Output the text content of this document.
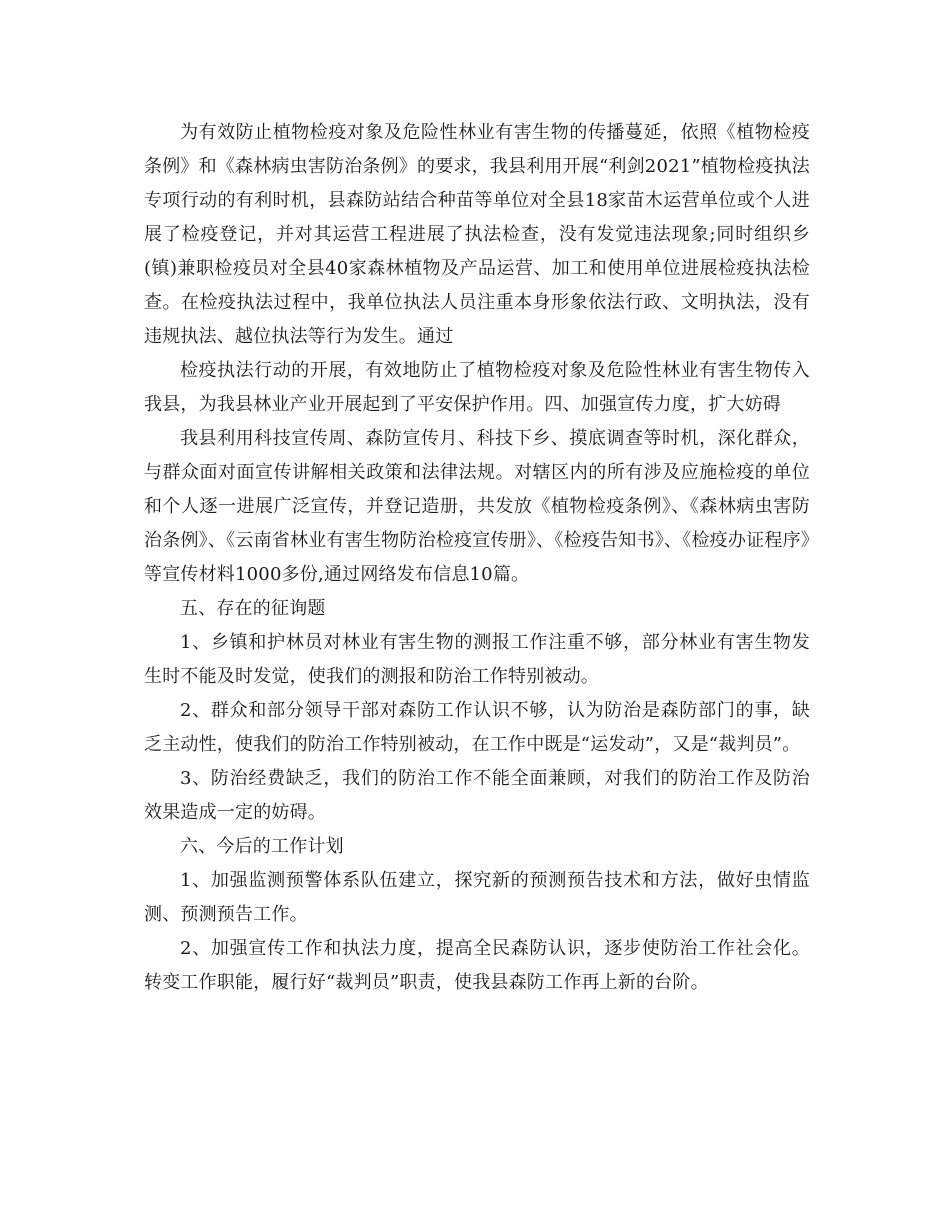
为有效防止植物检疫对象及危险性林业有害生物的传播蔓延，依照《植物检疫条例》和《森林病虫害防治条例》的要求，我县利用开展“利剑2021”植物检疫执法专项行动的有利时机，县森防站结合种苗等单位对全县18家苗木运营单位或个人进展了检疫登记，并对其运营工程进展了执法检查，没有发觉违法现象;同时组织乡(镇)兼职检疫员对全县40家森林植物及产品运营、加工和使用单位进展检疫执法检查。在检疫执法过程中，我单位执法人员注重本身形象依法行政、文明执法，没有违规执法、越位执法等行为发生。通过

检疫执法行动的开展，有效地防止了植物检疫对象及危险性林业有害生物传入我县，为我县林业产业开展起到了平安保护作用。四、加强宣传力度，扩大妨碍

我县利用科技宣传周、森防宣传月、科技下乡、摸底调查等时机，深化群众，与群众面对面宣传讲解相关政策和法律法规。对辖区内的所有涉及应施检疫的单位和个人逐一进展广泛宣传，并登记造册，共发放《植物检疫条例》、《森林病虫害防治条例》、《云南省林业有害生物防治检疫宣传册》、《检疫告知书》、《检疫办证程序》等宣传材料1000多份,通过网络发布信息10篇。

五、存在的征询题

1、乡镇和护林员对林业有害生物的测报工作注重不够，部分林业有害生物发生时不能及时发觉，使我们的测报和防治工作特别被动。

2、群众和部分领导干部对森防工作认识不够，认为防治是森防部门的事，缺乏主动性，使我们的防治工作特别被动，在工作中既是“运发动”，又是“裁判员”。

3、防治经费缺乏，我们的防治工作不能全面兼顾，对我们的防治工作及防治效果造成一定的妨碍。

六、今后的工作计划

1、加强监测预警体系队伍建立，探究新的预测预告技术和方法，做好虫情监测、预测预告工作。

2、加强宣传工作和执法力度，提高全民森防认识，逐步使防治工作社会化。转变工作职能，履行好“裁判员”职责，使我县森防工作再上新的台阶。
